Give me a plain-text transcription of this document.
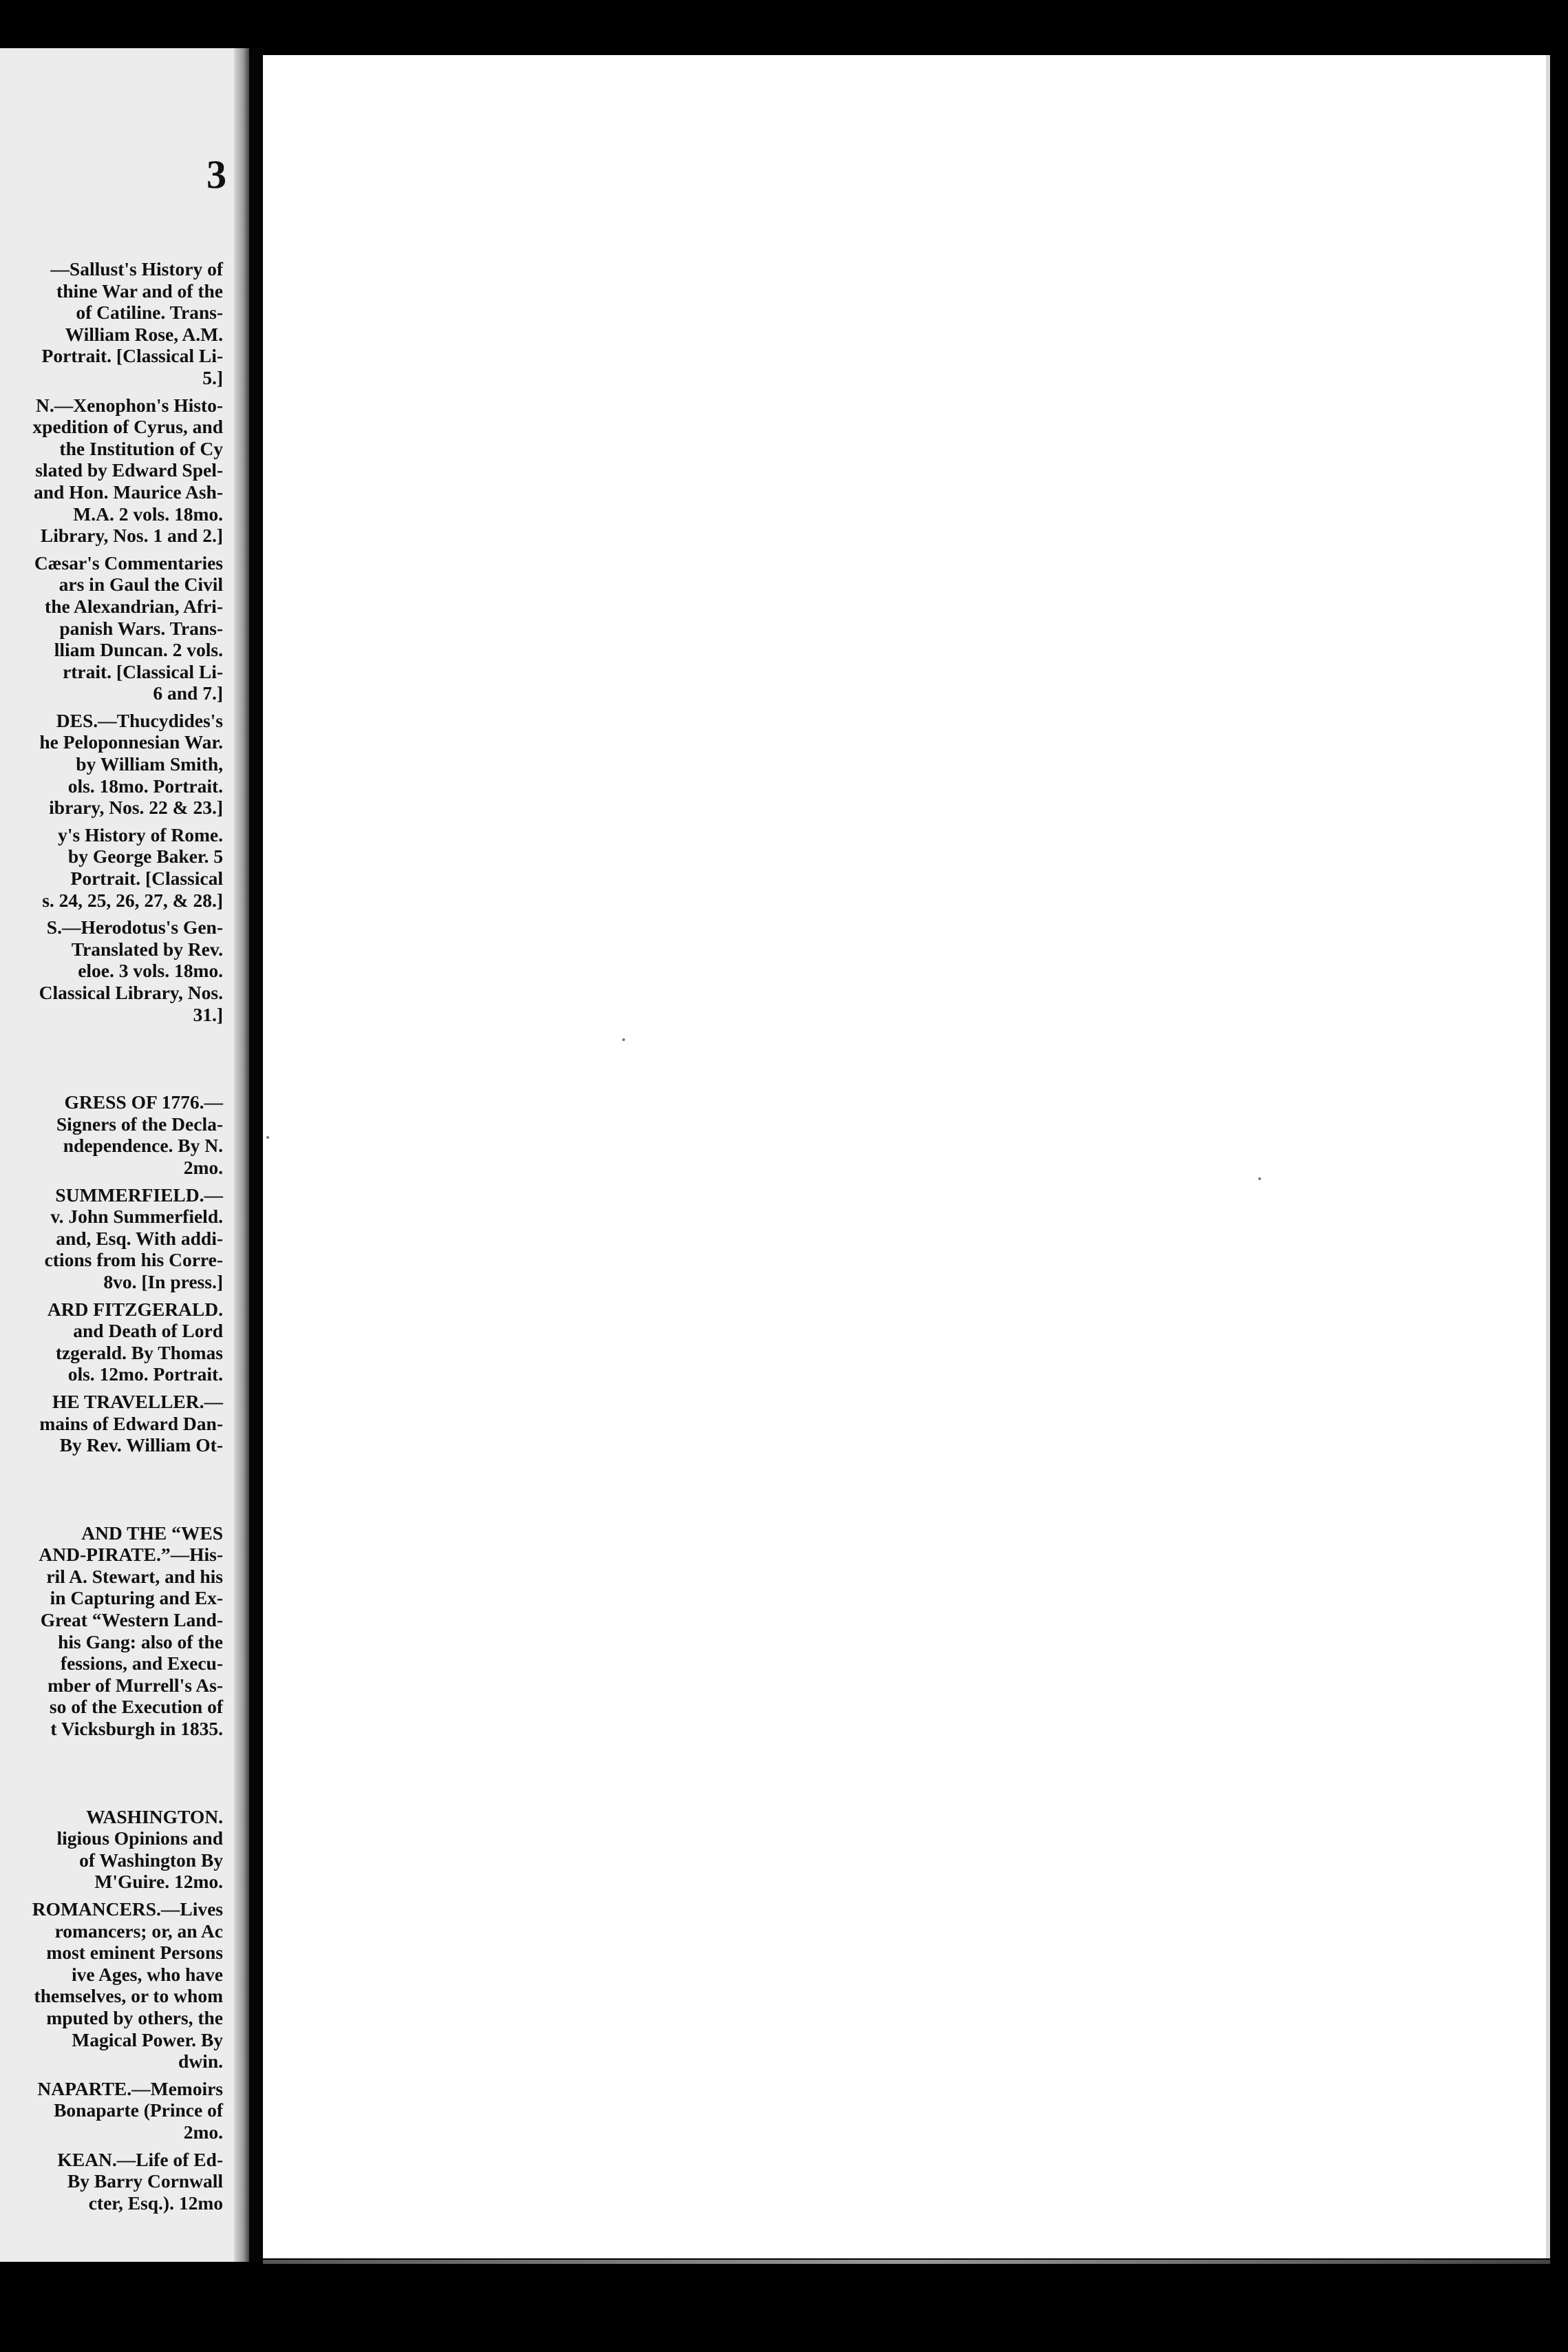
3
—Sallust's History of
thine War and of the
of Catiline. Trans-
William Rose, A.M.
Portrait. [Classical Li-
5.]
N.—Xenophon's Histo-
xpedition of Cyrus, and
the Institution of Cy
slated by Edward Spel-
and Hon. Maurice Ash-
M.A. 2 vols. 18mo.
Library, Nos. 1 and 2.]
Cæsar's Commentaries
ars in Gaul the Civil
the Alexandrian, Afri-
panish Wars. Trans-
lliam Duncan. 2 vols.
rtrait. [Classical Li-
6 and 7.]
DES.—Thucydides's
he Peloponnesian War.
by William Smith,
ols. 18mo. Portrait.
ibrary, Nos. 22 & 23.]
y's History of Rome.
by George Baker. 5
Portrait. [Classical
s. 24, 25, 26, 27, & 28.]
S.—Herodotus's Gen-
Translated by Rev.
eloe. 3 vols. 18mo.
Classical Library, Nos.
31.]
GRESS OF 1776.—
Signers of the Decla-
ndependence. By N.
2mo.
SUMMERFIELD.—
v. John Summerfield.
and, Esq. With addi-
ctions from his Corre-
8vo. [In press.]
ARD FITZGERALD.
and Death of Lord
tzgerald. By Thomas
ols. 12mo. Portrait.
HE TRAVELLER.—
mains of Edward Dan-
By Rev. William Ot-
AND THE “WES
AND-PIRATE.”—His-
ril A. Stewart, and his
in Capturing and Ex-
Great “Western Land-
his Gang: also of the
fessions, and Execu-
mber of Murrell's As-
so of the Execution of
t Vicksburgh in 1835.
WASHINGTON.
ligious Opinions and
of Washington By
M'Guire. 12mo.
ROMANCERS.—Lives
romancers; or, an Ac
most eminent Persons
ive Ages, who have
themselves, or to whom
mputed by others, the
Magical Power. By
dwin.
NAPARTE.—Memoirs
Bonaparte (Prince of
2mo.
KEAN.—Life of Ed-
By Barry Cornwall
cter, Esq.). 12mo
